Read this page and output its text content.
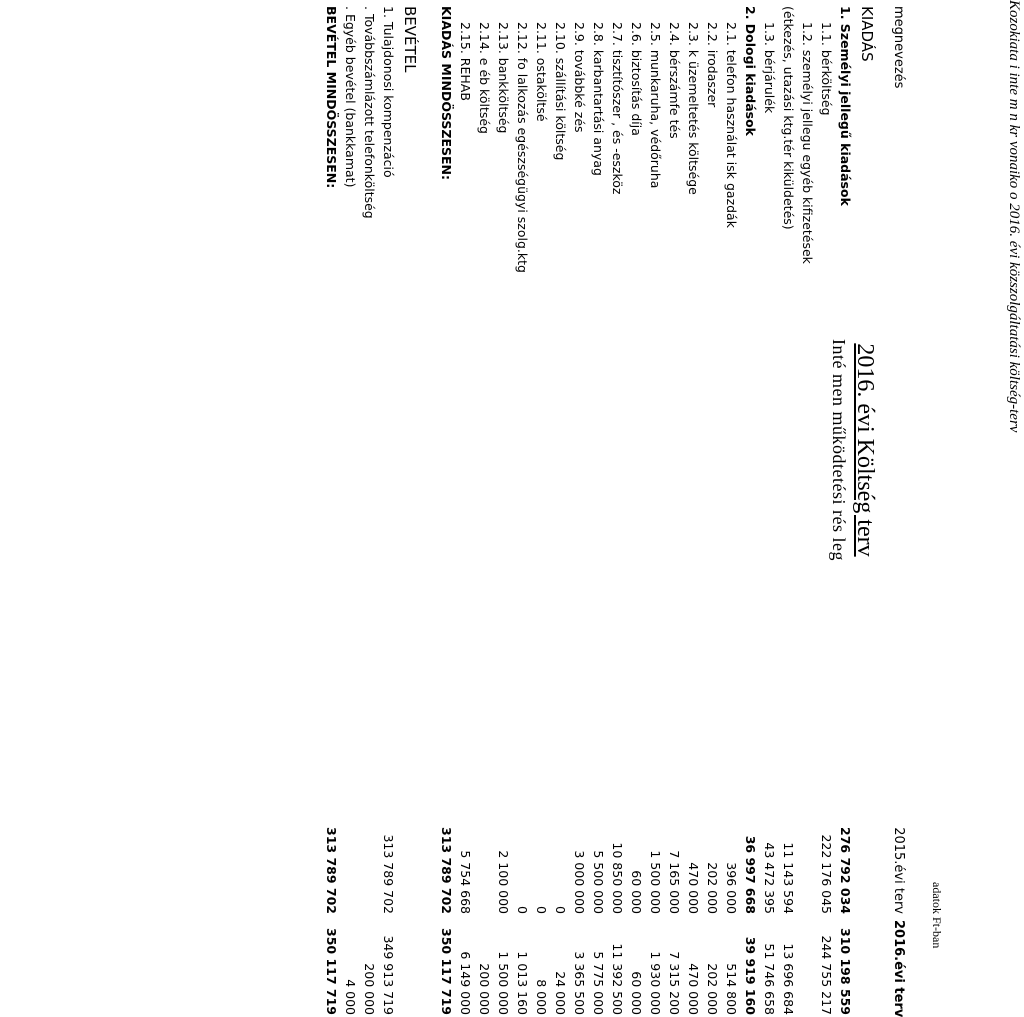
Kozokiata i inte m n kr vonaiko o 2016. évi közszolgáltatási költség-terv
2016. évi Költség terv
Inté men működtetési rés leg
adatok Ft-ban
megnevezés
2015.évi terv
2016.évi terv
KIADÁS
1. Személyi jellegű kiadások
276 792 034
310 198 559
1.1. bérköltség
222 176 045
244 755 217
1.2. személyi jellegu egyéb kifizetések
(étkezés, utazási ktg.tér kiküldetés)
11 143 594
13 696 684
1.3. bérjárulék
43 472 395
51 746 658
2. Dologi kiadások
36 997 668
39 919 160
2.1. telefon használat isk gazdák
396 000
514 800
2.2. irodaszer
202 000
202 000
2.3. k üzemeltetés költsége
470 000
470 000
2.4. bérszámfe tés
7 165 000
7 315 200
2.5. munkaruha, védőruha
1 500 000
1 930 000
2.6. biztosítás díja
60 000
60 000
2.7. tisztítószer , és -eszköz
10 850 000
11 392 500
2.8. karbantartási anyag
5 500 000
5 775 000
2.9. továbbké zés
3 000 000
3 365 500
2.10. szállítási költség
0
24 000
2.11. ostaköltsé
0
8 000
2.12. fo lalkozás egészségügyi szolg.ktg
0
1 013 160
2.13. bankköltség
2 100 000
1 500 000
2.14. e éb költség
200 000
2.15. REHAB
5 754 668
6 149 000
KIADÁS MINDÖSSZESEN:
313 789 702
350 117 719
BEVÉTEL
1. Tulajdonosi kompenzáció
313 789 702
349 913 719
. Továbbszámlázott telefonköltség
200 000
. Egyéb bevétel (bankkamat)
4 000
BEVÉTEL MINDÖSSZESEN:
313 789 702
350 117 719
